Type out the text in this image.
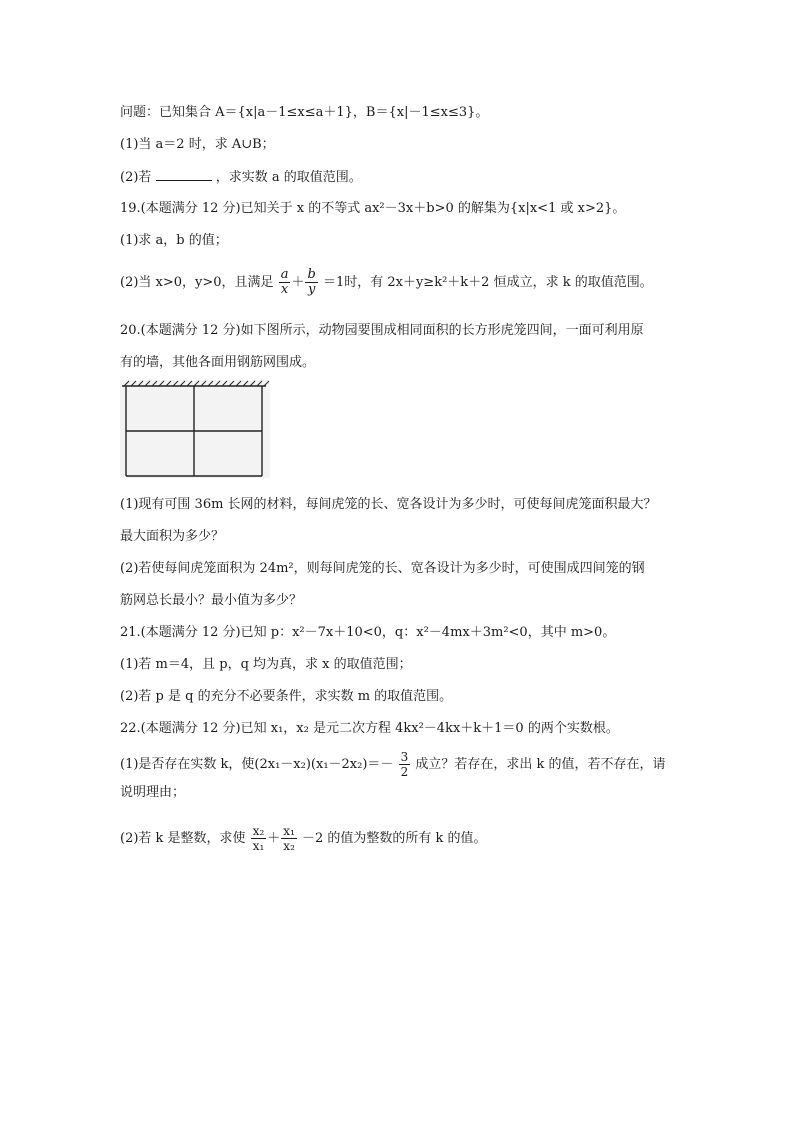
问题：已知集合 A＝{x|a－1≤x≤a＋1}，B＝{x|－1≤x≤3}。
(1)当 a＝2 时，求 A∪B；
(2)若	，求实数 a 的取值范围。
19.(本题满分 12 分)已知关于 x 的不等式 ax²－3x＋b>0 的解集为{x|x<1 或 x>2}。
(1)求 a，b 的值；
(2)当 x>0，y>0，且满足 $\frac{a}{x} + \frac{b}{y} =1$时，有 2x＋y≥k²＋k＋2 恒成立，求 k 的取值范围。
20.(本题满分 12 分)如下图所示，动物园要围成相同面积的长方形虎笼四间，一面可利用原
有的墙，其他各面用钢筋网围成。
(1)现有可围 36m 长网的材料，每间虎笼的长、宽各设计为多少时，可使每间虎笼面积最大？
最大面积为多少？
(2)若使每间虎笼面积为 24m²，则每间虎笼的长、宽各设计为多少时，可使围成四间笼的钢
筋网总长最小？最小值为多少？
21.(本题满分 12 分)已知 p：x²－7x＋10<0，q：x²－4mx＋3m²<0，其中 m>0。
(1)若 m＝4，且 p，q 均为真，求 x 的取值范围；
(2)若 p 是 q 的充分不必要条件，求实数 m 的取值范围。
22.(本题满分 12 分)已知 x₁，x₂ 是元二次方程 4kx²－4kx＋k＋1＝0 的两个实数根。
(1)是否存在实数 k，使$(2x_1-x_2)(x_1-2x_2)=- \frac{3}{2}$ 成立？若存在，求出 k 的值，若不存在，请
说明理由；
(2)若 k 是整数，求使 $\frac{\text{x₂}}{\text{x₁}} + \frac{\text{x₁}}{\text{x₂}} -2$ 的值为整数的所有 k 的值。
